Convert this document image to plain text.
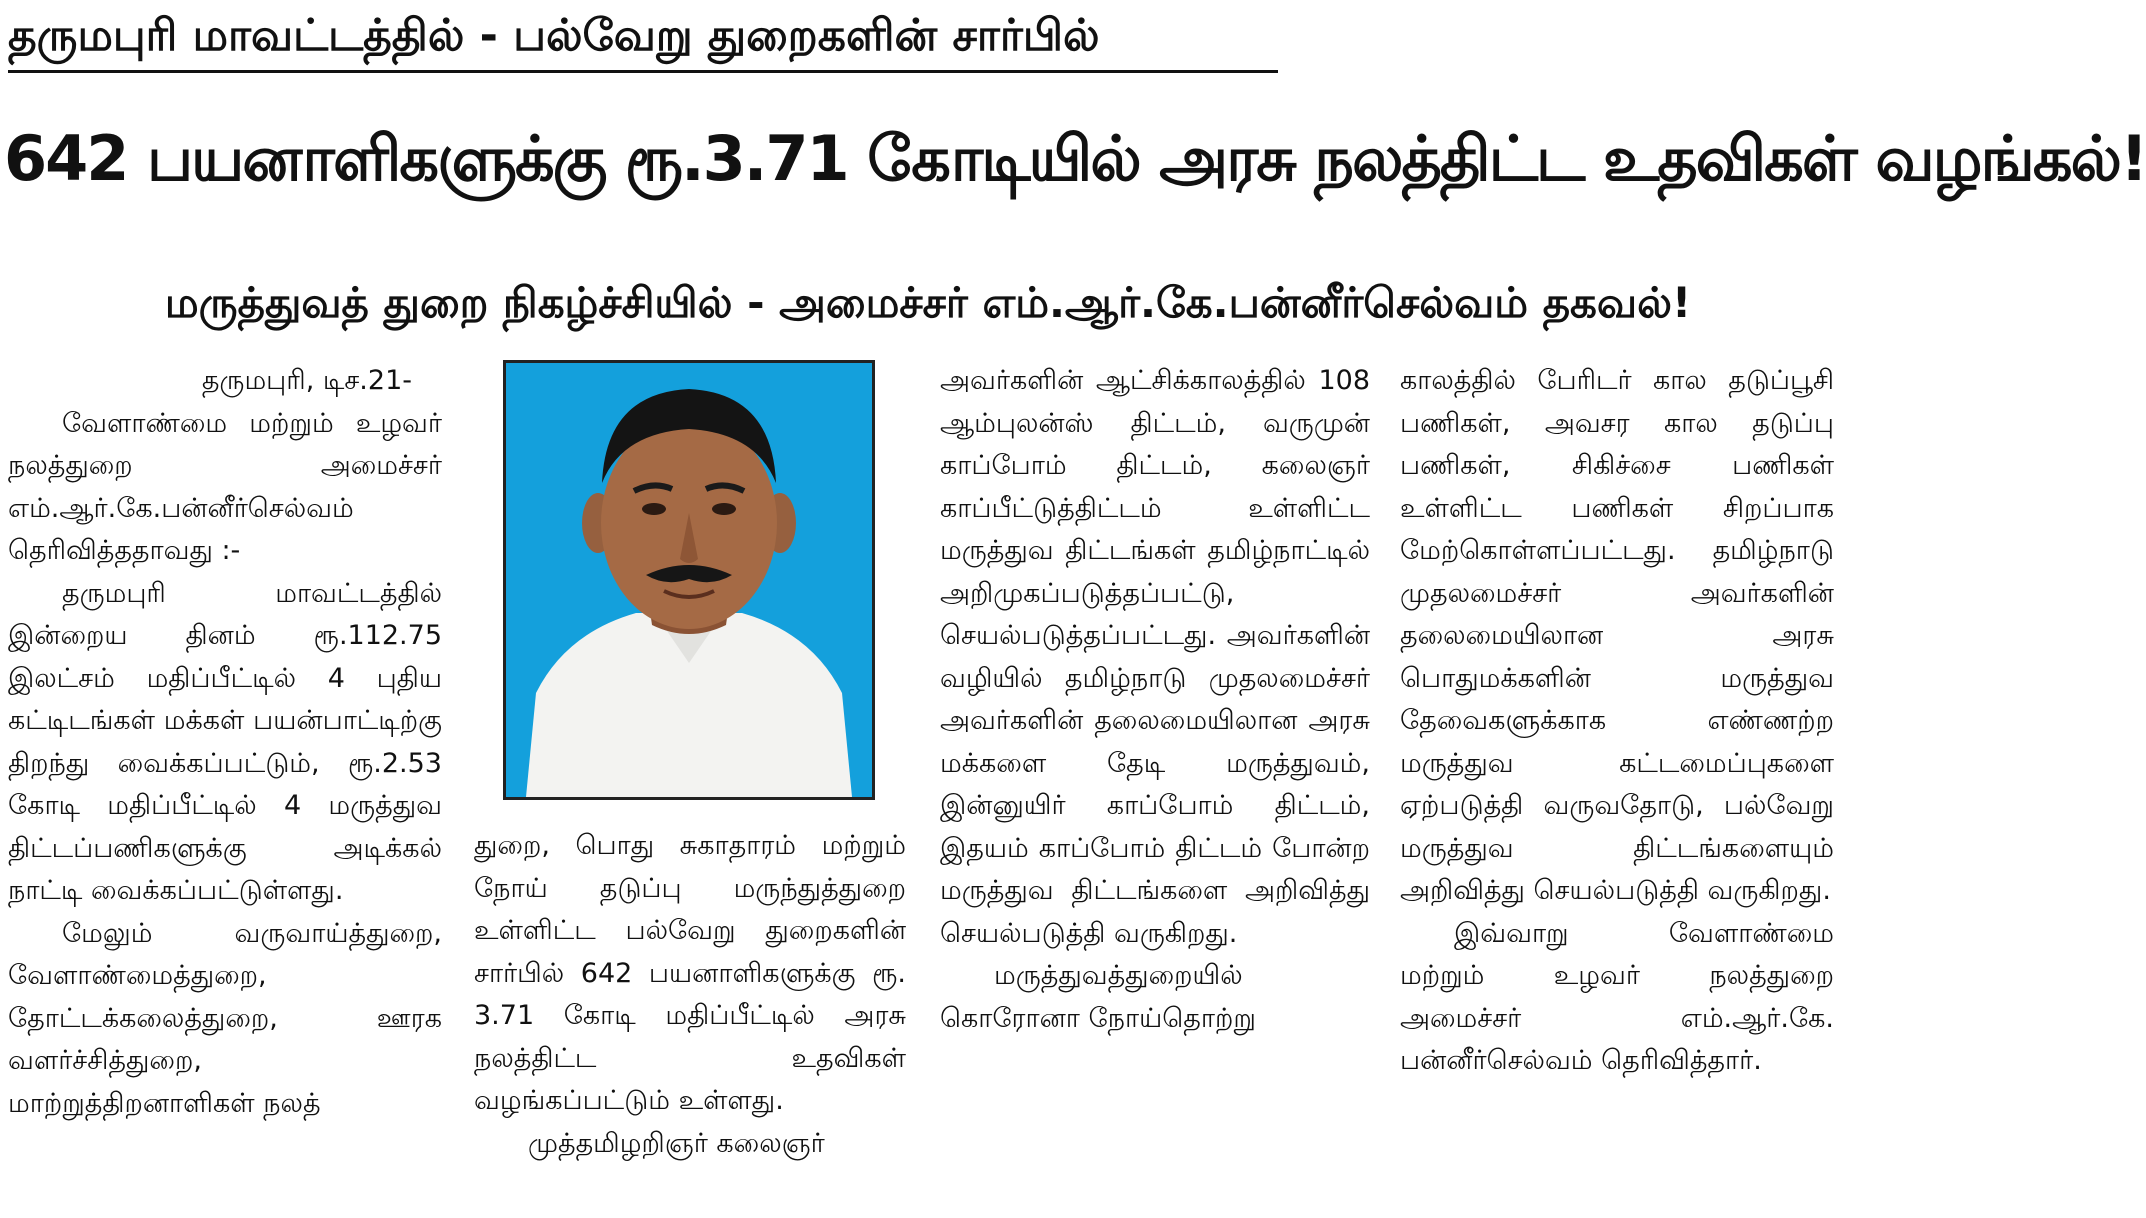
தருமபுரி மாவட்டத்தில் - பல்வேறு துறைகளின் சார்பில்
642 பயனாளிகளுக்கு ரூ.3.71 கோடியில் அரசு நலத்திட்ட உதவிகள் வழங்கல்!
மருத்துவத் துறை நிகழ்ச்சியில் - அமைச்சர் எம்.ஆர்.கே.பன்னீர்செல்வம் தகவல்!

தருமபுரி, டிச.21-

வேளாண்மை மற்றும் உழவர் நலத்துறை அமைச்சர் எம்.ஆர்.கே.பன்னீர்செல்வம் தெரிவித்ததாவது :-

தருமபுரி மாவட்டத்தில் இன்றைய தினம் ரூ.112.75 இலட்சம் மதிப்பீட்டில் 4 புதிய கட்டிடங்கள் மக்கள் பயன்பாட்டிற்கு திறந்து வைக்கப்பட்டும், ரூ.2.53 கோடி மதிப்பீட்டில் 4 மருத்துவ திட்டப்பணிகளுக்கு அடிக்கல் நாட்டி வைக்கப்பட்டுள்ளது.

மேலும் வருவாய்த்துறை, வேளாண்மைத்துறை, தோட்டக்கலைத்துறை, ஊரக வளர்ச்சித்துறை, மாற்றுத்திறனாளிகள் நலத்

துறை, பொது சுகாதாரம் மற்றும் நோய் தடுப்பு மருந்துத்துறை உள்ளிட்ட பல்வேறு துறைகளின் சார்பில் 642 பயனாளிகளுக்கு ரூ. 3.71 கோடி மதிப்பீட்டில் அரசு நலத்திட்ட உதவிகள் வழங்கப்பட்டும் உள்ளது.

முத்தமிழறிஞர் கலைஞர்

அவர்களின் ஆட்சிக்காலத்தில் 108 ஆம்புலன்ஸ் திட்டம், வருமுன் காப்போம் திட்டம், கலைஞர் காப்பீட்டுத்திட்டம் உள்ளிட்ட மருத்துவ திட்டங்கள் தமிழ்நாட்டில் அறிமுகப்படுத்தப்பட்டு, செயல்படுத்தப்பட்டது. அவர்களின் வழியில் தமிழ்நாடு முதலமைச்சர் அவர்களின் தலைமையிலான அரசு மக்களை தேடி மருத்துவம், இன்னுயிர் காப்போம் திட்டம், இதயம் காப்போம் திட்டம் போன்ற மருத்துவ திட்டங்களை அறிவித்து செயல்படுத்தி வருகிறது.

மருத்துவத்துறையில் கொரோனா நோய்தொற்று

காலத்தில் பேரிடர் கால தடுப்பூசி பணிகள், அவசர கால தடுப்பு பணிகள், சிகிச்சை பணிகள் உள்ளிட்ட பணிகள் சிறப்பாக மேற்கொள்ளப்பட்டது. தமிழ்நாடு முதலமைச்சர் அவர்களின் தலைமையிலான அரசு பொதுமக்களின் மருத்துவ தேவைகளுக்காக எண்ணற்ற மருத்துவ கட்டமைப்புகளை ஏற்படுத்தி வருவதோடு, பல்வேறு மருத்துவ திட்டங்களையும் அறிவித்து செயல்படுத்தி வருகிறது.

இவ்வாறு வேளாண்மை மற்றும் உழவர் நலத்துறை அமைச்சர் எம்.ஆர்.கே. பன்னீர்செல்வம் தெரிவித்தார்.
